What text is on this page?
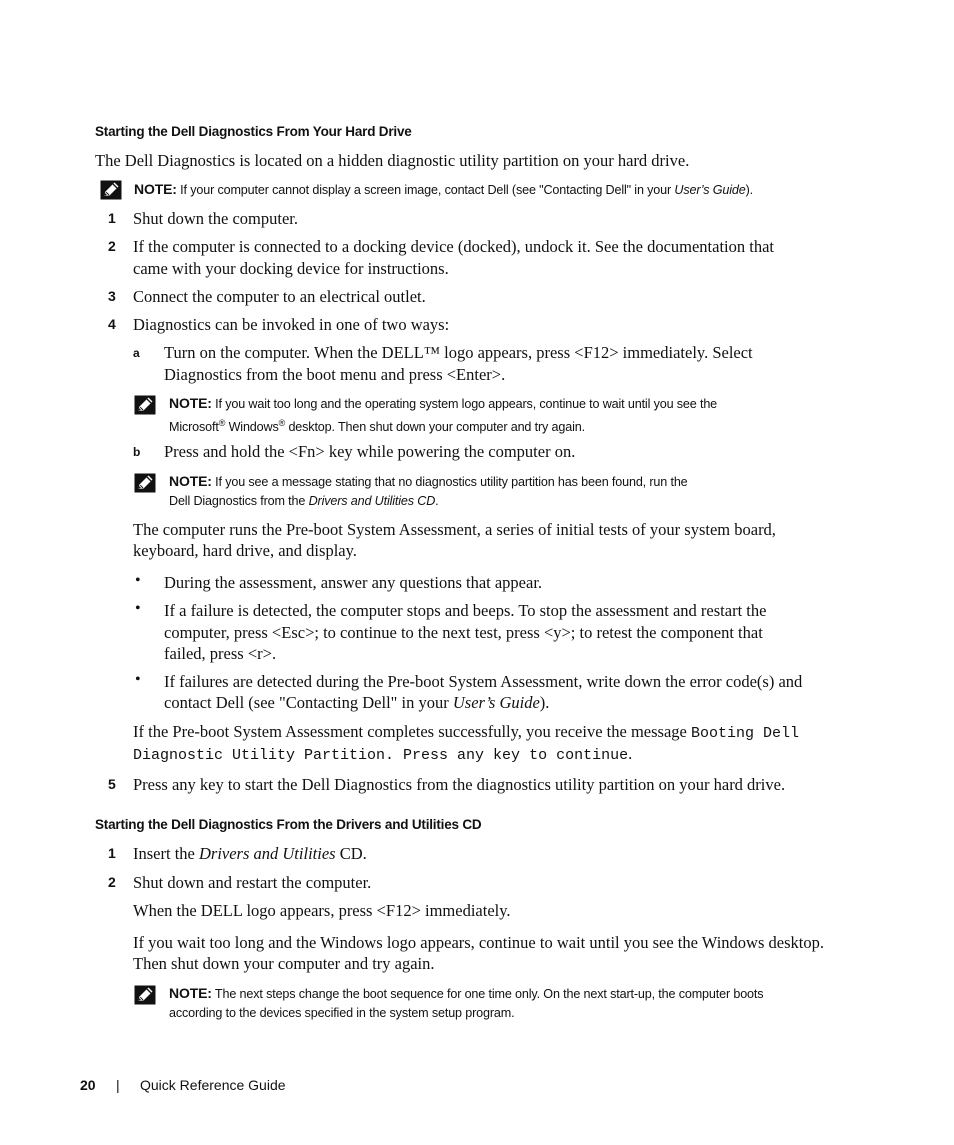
Starting the Dell Diagnostics From Your Hard Drive
The Dell Diagnostics is located on a hidden diagnostic utility partition on your hard drive.
NOTE: If your computer cannot display a screen image, contact Dell (see "Contacting Dell" in your User’s Guide).
1 Shut down the computer.
2 If the computer is connected to a docking device (docked), undock it. See the documentation that
came with your docking device for instructions.
3 Connect the computer to an electrical outlet.
4 Diagnostics can be invoked in one of two ways:
a Turn on the computer. When the DELL™ logo appears, press <F12> immediately. Select
Diagnostics from the boot menu and press <Enter>.
NOTE: If you wait too long and the operating system logo appears, continue to wait until you see the
Microsoft® Windows® desktop. Then shut down your computer and try again.
b Press and hold the <Fn> key while powering the computer on.
NOTE: If you see a message stating that no diagnostics utility partition has been found, run the
Dell Diagnostics from the Drivers and Utilities CD.
The computer runs the Pre-boot System Assessment, a series of initial tests of your system board,
keyboard, hard drive, and display.
• During the assessment, answer any questions that appear.
• If a failure is detected, the computer stops and beeps. To stop the assessment and restart the
computer, press <Esc>; to continue to the next test, press <y>; to retest the component that
failed, press <r>.
• If failures are detected during the Pre-boot System Assessment, write down the error code(s) and
contact Dell (see "Contacting Dell" in your User’s Guide).
If the Pre-boot System Assessment completes successfully, you receive the message Booting Dell
Diagnostic Utility Partition. Press any key to continue.
5 Press any key to start the Dell Diagnostics from the diagnostics utility partition on your hard drive.
Starting the Dell Diagnostics From the Drivers and Utilities CD
1 Insert the Drivers and Utilities CD.
2 Shut down and restart the computer.
When the DELL logo appears, press <F12> immediately.
If you wait too long and the Windows logo appears, continue to wait until you see the Windows desktop.
Then shut down your computer and try again.
NOTE: The next steps change the boot sequence for one time only. On the next start-up, the computer boots
according to the devices specified in the system setup program.
20 | Quick Reference Guide
